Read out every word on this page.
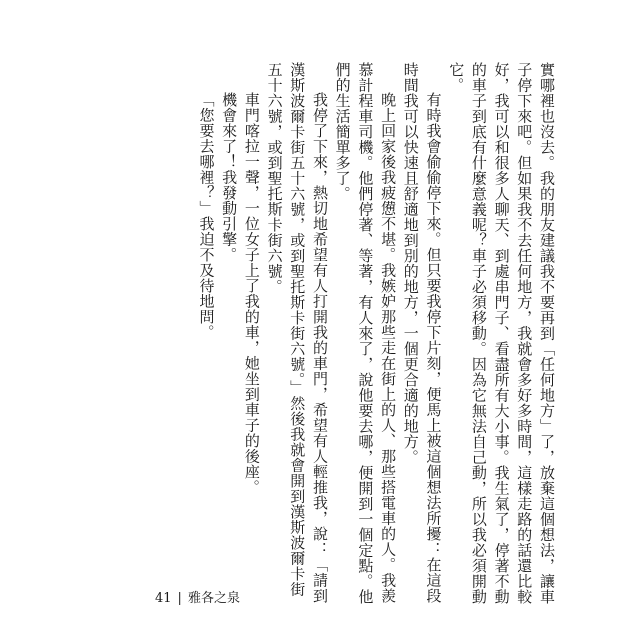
實哪裡也沒去。我的朋友建議我不要再到「任何地方」了，放棄這個想法，讓車子停下來吧。但如果我不去任何地方，我就會多好多時間，這樣走路的話還比較好，我可以和很多人聊天、到處串門子、看盡所有大小事。我生氣了，停著不動的車子到底有什麼意義呢？車子必須移動。因為它無法自己動，所以我必須開動它。

有時我會偷偷停下來。但只要我停下片刻，便馬上被這個想法所擾：在這段時間我可以快速且舒適地到別的地方，一個更合適的地方。

晚上回家後我疲憊不堪。我嫉妒那些走在街上的人、那些搭電車的人。我羨慕計程車司機。他們停著、等著，有人來了，說他要去哪，便開到一個定點。他們的生活簡單多了。

我停了下來，熱切地希望有人打開我的車門，希望有人輕推我，說：「請到漢斯波爾卡街五十六號，或到聖托斯卡街六號。」然後我就會開到漢斯波爾卡街五十六號，或到聖托斯卡街六號。

車門喀拉一聲，一位女子上了我的車，她坐到車子的後座。

機會來了！我發動引擎。

「您要去哪裡？」我迫不及待地問。

41 | 雅各之泉
